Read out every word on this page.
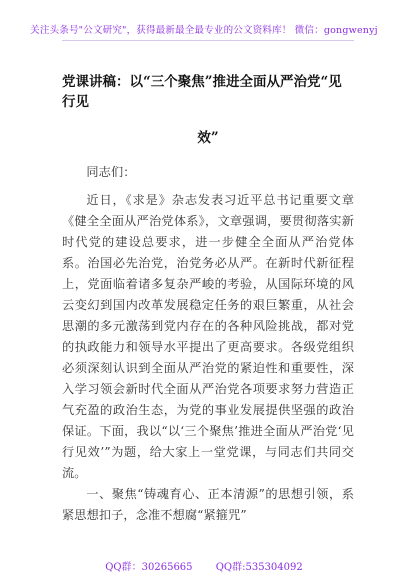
关注头条号"公文研究"，获得最新最全最专业的公文资料库！ 微信：gongwenyj
党课讲稿：以“三个聚焦”推进全面从严治党“见行见
效”

同志们：

近日，《求是》杂志发表习近平总书记重要文章《健全全面从严治党体系》，文章强调，要贯彻落实新时代党的建设总要求，进一步健全全面从严治党体系。治国必先治党，治党务必从严。在新时代新征程上，党面临着诸多复杂严峻的考验，从国际环境的风云变幻到国内改革发展稳定任务的艰巨繁重，从社会思潮的多元激荡到党内存在的各种风险挑战，都对党的执政能力和领导水平提出了更高要求。各级党组织必须深刻认识到全面从严治党的紧迫性和重要性，深入学习领会新时代全面从严治党各项要求努力营造正气充盈的政治生态，为党的事业发展提供坚强的政治保证。下面，我以“以‘三个聚焦’推进全面从严治党‘见行见效’”为题，给大家上一堂党课，与同志们共同交流。

一、聚焦“铸魂育心、正本清源”的思想引领，系紧思想扣子，念准不想腐“紧箍咒”

QQ群：30265665 QQ群:535304092
